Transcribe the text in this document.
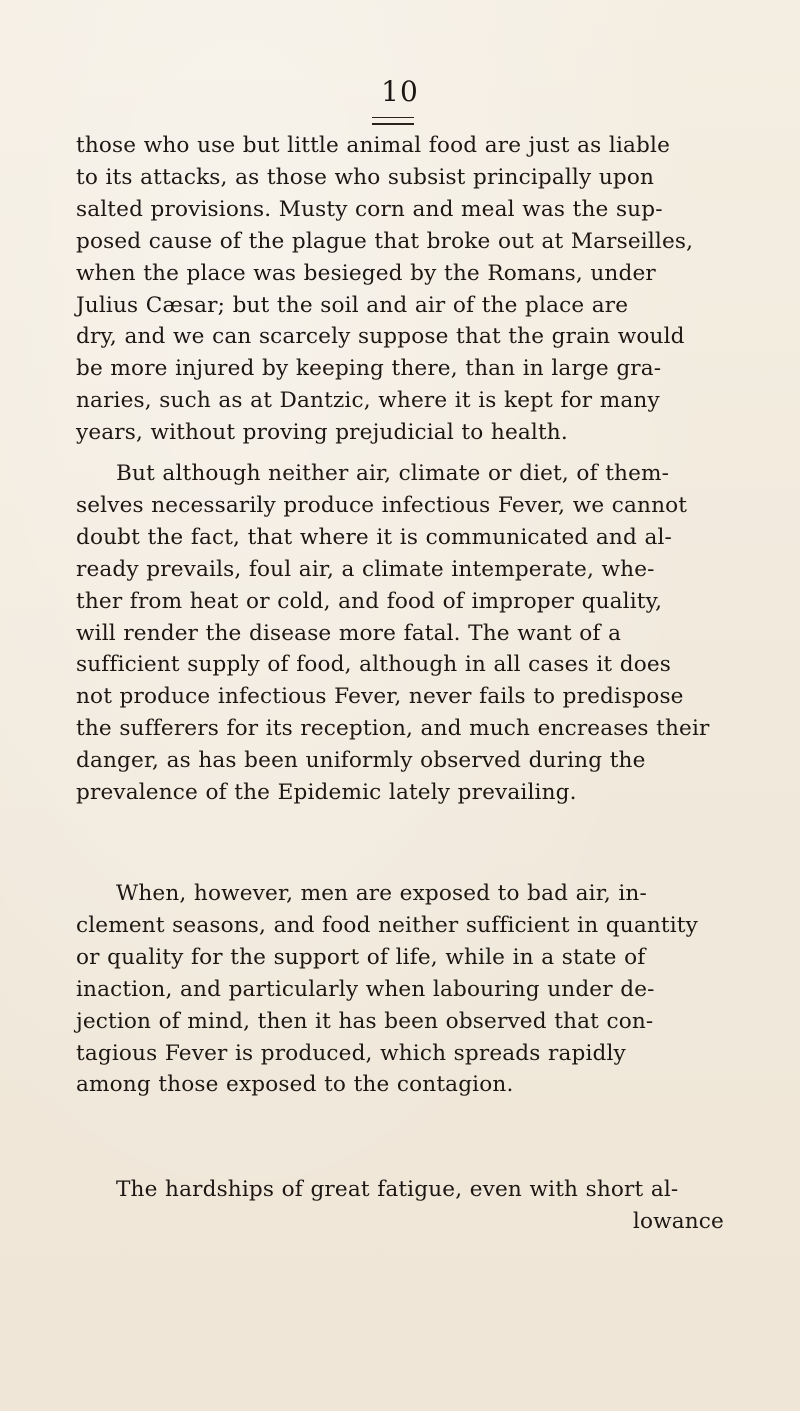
10
those who use but little animal food are just as liable
to its attacks, as those who subsist principally upon
salted provisions. Musty corn and meal was the sup-
posed cause of the plague that broke out at Marseilles,
when the place was besieged by the Romans, under
Julius Cæsar; but the soil and air of the place are
dry, and we can scarcely suppose that the grain would
be more injured by keeping there, than in large gra-
naries, such as at Dantzic, where it is kept for many
years, without proving prejudicial to health.
But although neither air, climate or diet, of them-
selves necessarily produce infectious Fever, we cannot
doubt the fact, that where it is communicated and al-
ready prevails, foul air, a climate intemperate, whe-
ther from heat or cold, and food of improper quality,
will render the disease more fatal. The want of a
sufficient supply of food, although in all cases it does
not produce infectious Fever, never fails to predispose
the sufferers for its reception, and much encreases their
danger, as has been uniformly observed during the
prevalence of the Epidemic lately prevailing.
When, however, men are exposed to bad air, in-
clement seasons, and food neither sufficient in quantity
or quality for the support of life, while in a state of
inaction, and particularly when labouring under de-
jection of mind, then it has been observed that con-
tagious Fever is produced, which spreads rapidly
among those exposed to the contagion.
The hardships of great fatigue, even with short al-
lowance
